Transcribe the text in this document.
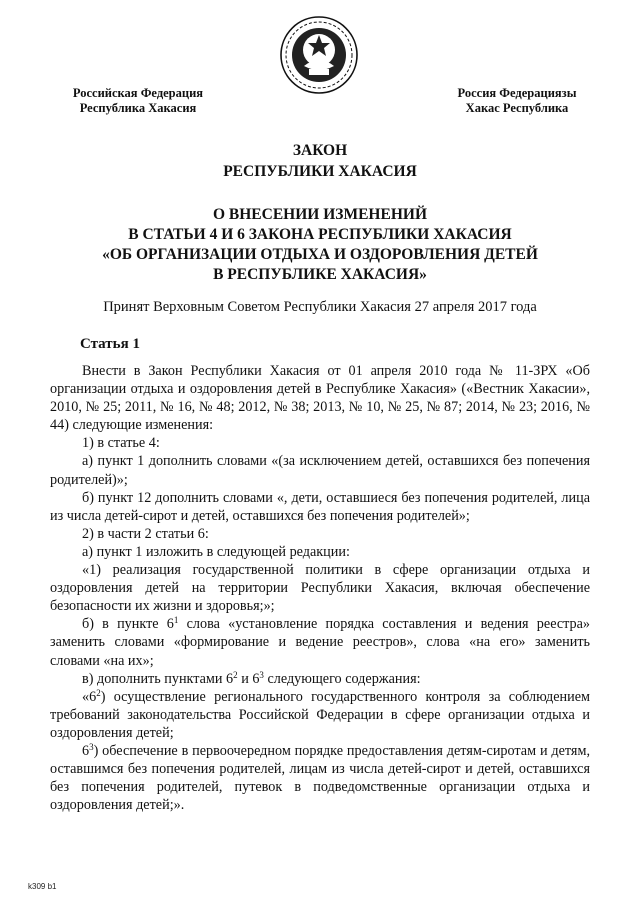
Российская Федерация
Республика Хакасия
Россия Федерациязы
Хакас Республика
ЗАКОН
РЕСПУБЛИКИ ХАКАСИЯ
О ВНЕСЕНИИ ИЗМЕНЕНИЙ
В СТАТЬИ 4 И 6 ЗАКОНА РЕСПУБЛИКИ ХАКАСИЯ
«ОБ ОРГАНИЗАЦИИ ОТДЫХА И ОЗДОРОВЛЕНИЯ ДЕТЕЙ
В РЕСПУБЛИКЕ ХАКАСИЯ»
Принят Верховным Советом Республики Хакасия 27 апреля 2017 года
Статья 1

Внести в Закон Республики Хакасия от 01 апреля 2010 года № 11-ЗРХ «Об организации отдыха и оздоровления детей в Республике Хакасия» («Вестник Хакасии», 2010, № 25; 2011, № 16, № 48; 2012, № 38; 2013, № 10, № 25, № 87; 2014, № 23; 2016, № 44) следующие изменения:

1) в статье 4:

а) пункт 1 дополнить словами «(за исключением детей, оставшихся без попечения родителей)»;

б) пункт 12 дополнить словами «, дети, оставшиеся без попечения родителей, лица из числа детей-сирот и детей, оставшихся без попечения родителей»;

2) в части 2 статьи 6:

а) пункт 1 изложить в следующей редакции:

«1) реализация государственной политики в сфере организации отдыха и оздоровления детей на территории Республики Хакасия, включая обеспечение безопасности их жизни и здоровья;»;

б) в пункте $6^1$ слова «установление порядка составления и ведения реестра» заменить словами «формирование и ведение реестров», слова «на его» заменить словами «на их»;

в) дополнить пунктами $6^2$ и $6^3$ следующего содержания:

«$6^2$) осуществление регионального государственного контроля за соблюдением требований законодательства Российской Федерации в сфере организации отдыха и оздоровления детей;

$6^3$) обеспечение в первоочередном порядке предоставления детям-сиротам и детям, оставшимся без попечения родителей, лицам из числа детей-сирот и детей, оставшихся без попечения родителей, путевок в подведомственные организации отдыха и оздоровления детей;».

k309 b1
